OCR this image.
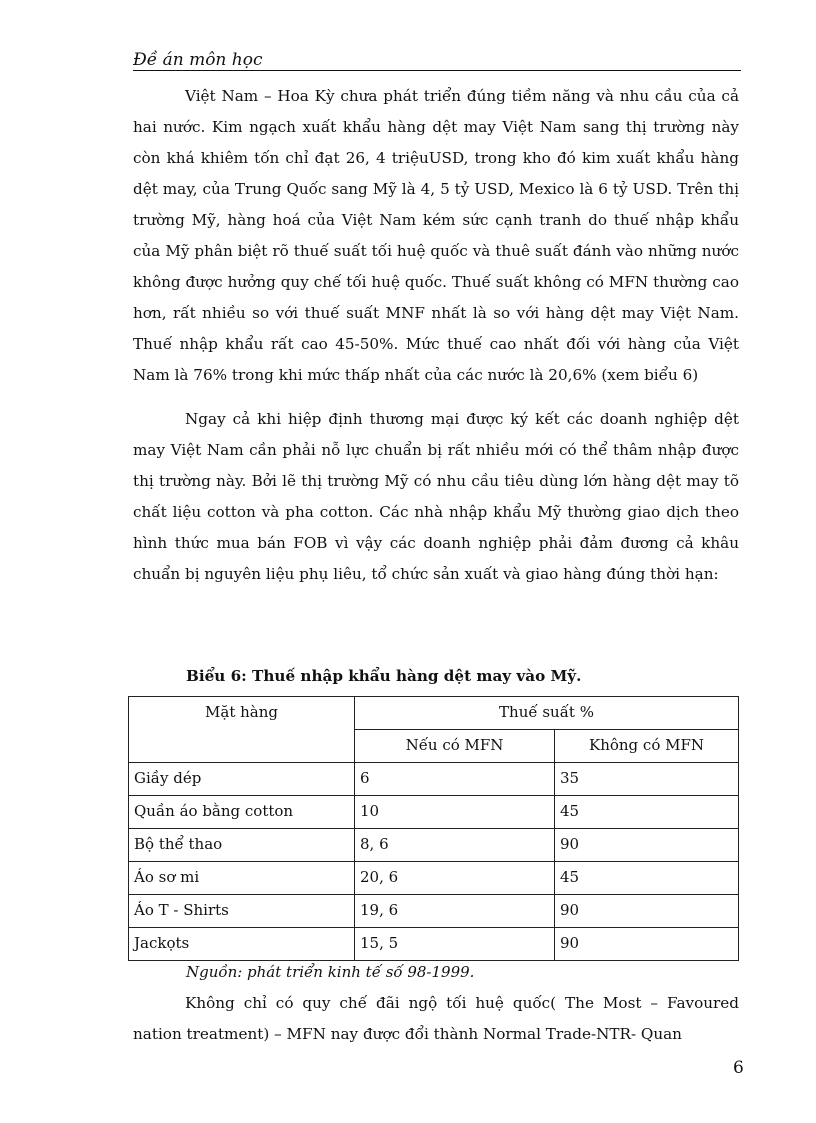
Đề án môn học

Việt Nam – Hoa Kỳ chưa phát triển đúng tiềm năng và nhu cầu của cả hai nước. Kim ngạch xuất khẩu hàng dệt may Việt Nam sang thị trường này còn khá khiêm tốn chỉ đạt 26, 4 triệuUSD, trong kho đó kim xuất khẩu hàng dệt may, của Trung Quốc sang Mỹ là 4, 5 tỷ USD, Mexico là 6 tỷ USD. Trên thị trường Mỹ, hàng hoá của Việt Nam kém sức cạnh tranh do thuế nhập khẩu của Mỹ phân biệt rõ thuế suất tối huệ quốc và thuê suất đánh vào những nước không được hưởng quy chế tối huệ quốc. Thuế suất không có MFN thường cao hơn, rất nhiều so với thuế suất MNF nhất là so với hàng dệt may Việt Nam. Thuế nhập khẩu rất cao 45-50%. Mức thuế cao nhất đối với hàng của Việt Nam là 76% trong khi mức thấp nhất của các nước là 20,6% (xem biểu 6)

Ngay cả khi hiệp định thương mại được ký kết các doanh nghiệp dệt may Việt Nam cần phải nỗ lực chuẩn bị rất nhiều mới có thể thâm nhập được thị trường này. Bởi lẽ thị trường Mỹ có nhu cầu tiêu dùng lớn hàng dệt may tõ chất liệu cotton và pha cotton. Các nhà nhập khẩu Mỹ thường giao dịch theo hình thức mua bán FOB vì vậy các doanh nghiệp phải đảm đương cả khâu chuẩn bị nguyên liệu phụ liêu, tổ chức sản xuất và giao hàng đúng thời hạn:

Biểu 6: Thuế nhập khẩu hàng dệt may vào Mỹ.
Mặt hàng	Thuế suất %	
	Nếu có MFN	Không có MFN
Giầy dép	6	35
Quần áo bằng cotton	10	45
Bộ thể thao	8, 6	90
Áo sơ mi	20, 6	45
Áo T - Shirts	19, 6	90
Jackọts	15, 5	90
Nguồn: phát triển kinh tế số 98-1999.

Không chỉ có quy chế đãi ngộ tối huệ quốc( The Most – Favoured nation treatment) – MFN nay được đổi thành Normal Trade-NTR- Quan

6
